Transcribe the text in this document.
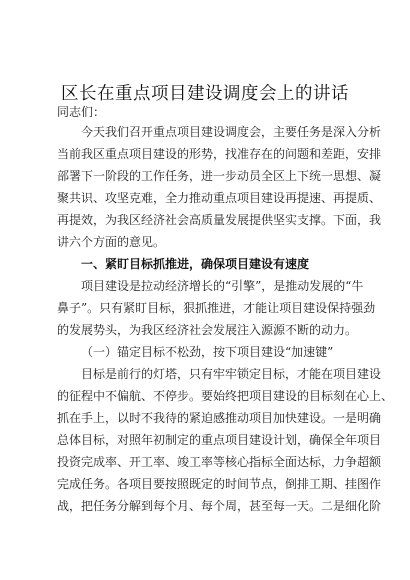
区长在重点项目建设调度会上的讲话
同志们：
今天我们召开重点项目建设调度会，主要任务是深入分析
当前我区重点项目建设的形势，找准存在的问题和差距，安排
部署下一阶段的工作任务，进一步动员全区上下统一思想、凝
聚共识、攻坚克难，全力推动重点项目建设再提速、再提质、
再提效，为我区经济社会高质量发展提供坚实支撑。下面，我
讲六个方面的意见。
一、紧盯目标抓推进，确保项目建设有速度
项目建设是拉动经济增长的“引擎”，是推动发展的“牛
鼻子”。只有紧盯目标，狠抓推进，才能让项目建设保持强劲
的发展势头，为我区经济社会发展注入源源不断的动力。
（一）锚定目标不松劲，按下项目建设“加速键”
目标是前行的灯塔，只有牢牢锁定目标，才能在项目建设
的征程中不偏航、不停步。要始终把项目建设的目标刻在心上、
抓在手上，以时不我待的紧迫感推动项目加快建设。一是明确
总体目标，对照年初制定的重点项目建设计划，确保全年项目
投资完成率、开工率、竣工率等核心指标全面达标，力争超额
完成任务。各项目要按照既定的时间节点，倒排工期、挂图作
战，把任务分解到每个月、每个周，甚至每一天。二是细化阶
